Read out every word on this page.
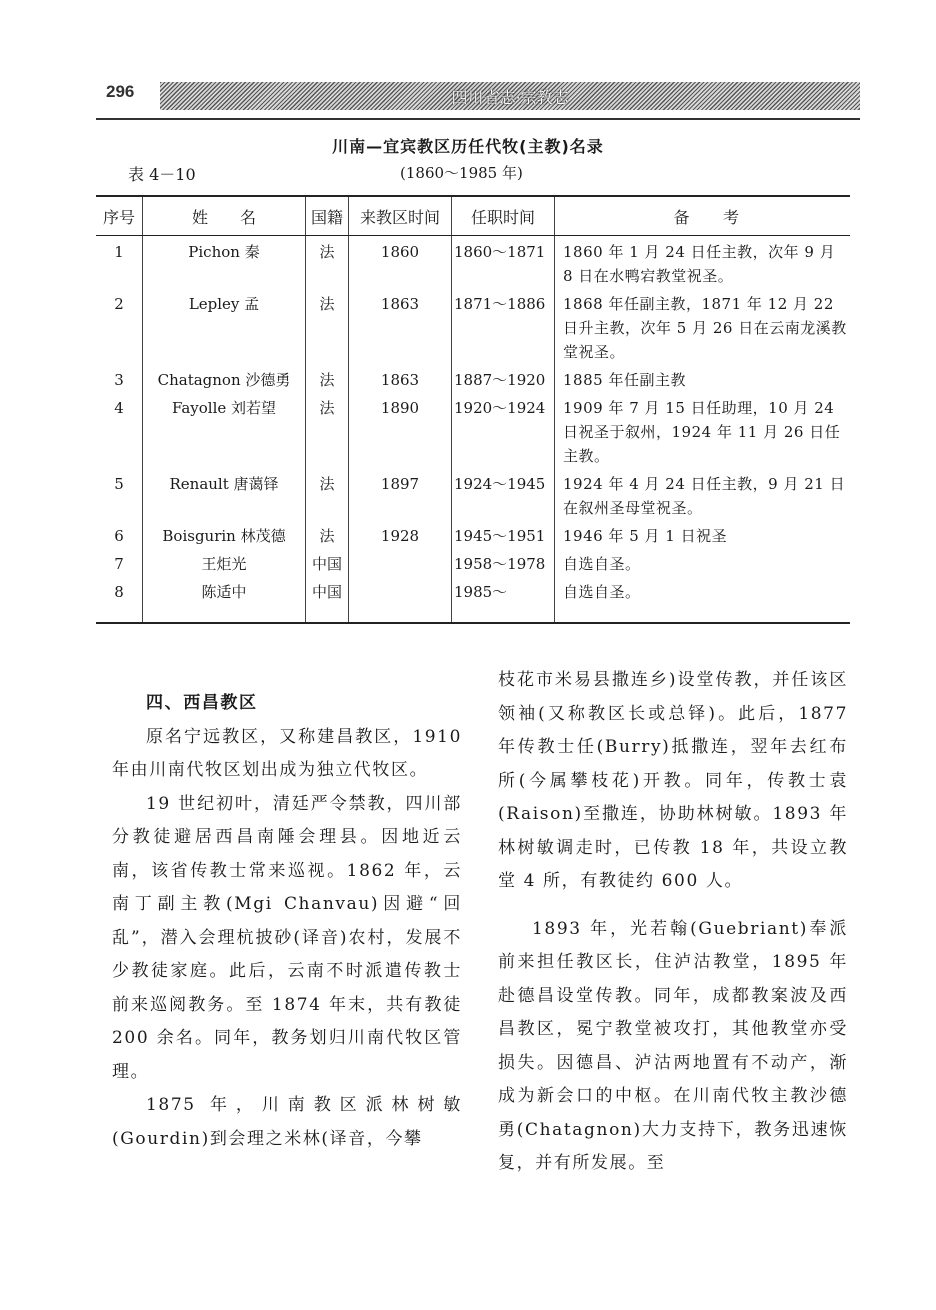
296	四川省志·宗教志
川南—宜宾教区历任代牧(主教)名录
表 4－10	(1860～1985 年)
序号	姓　　名	国籍	来教区时间	任职时间	备　　考
1	Pichon 秦	法	1860	1860～1871	1860 年 1 月 24 日任主教，次年 9 月 8 日在水鸭宕教堂祝圣。
2	Lepley 孟	法	1863	1871～1886	1868 年任副主教，1871 年 12 月 22 日升主教，次年 5 月 26 日在云南龙溪教堂祝圣。
3	Chatagnon 沙德勇	法	1863	1887～1920	1885 年任副主教
4	Fayolle 刘若望	法	1890	1920～1924	1909 年 7 月 15 日任助理，10 月 24 日祝圣于叙州，1924 年 11 月 26 日任主教。
5	Renault 唐蔼铎	法	1897	1924～1945	1924 年 4 月 24 日任主教，9 月 21 日在叙州圣母堂祝圣。
6	Boisgurin 林茂德	法	1928	1945～1951	1946 年 5 月 1 日祝圣
7	王炬光	中国		1958～1978	自选自圣。
8	陈适中	中国		1985～	自选自圣。

四、西昌教区

原名宁远教区，又称建昌教区，1910 年由川南代牧区划出成为独立代牧区。

19 世纪初叶，清廷严令禁教，四川部分教徒避居西昌南陲会理县。因地近云南，该省传教士常来巡视。1862 年，云南丁副主教(Mgi Chanvau)因避“回乱”，潜入会理杭披砂(译音)农村，发展不少教徒家庭。此后，云南不时派遣传教士前来巡阅教务。至 1874 年末，共有教徒 200 余名。同年，教务划归川南代牧区管理。

1875 年，川南教区派林树敏(Gourdin)到会理之米林(译音，今攀

枝花市米易县撒连乡)设堂传教，并任该区领袖(又称教区长或总铎)。此后，1877 年传教士任(Burry)抵撒连，翌年去红布所(今属攀枝花)开教。同年，传教士袁(Raison)至撒连，协助林树敏。1893 年林树敏调走时，已传教 18 年，共设立教堂 4 所，有教徒约 600 人。

1893 年，光若翰(Guebriant)奉派前来担任教区长，住泸沽教堂，1895 年赴德昌设堂传教。同年，成都教案波及西昌教区，冕宁教堂被攻打，其他教堂亦受损失。因德昌、泸沽两地置有不动产，渐成为新会口的中枢。在川南代牧主教沙德勇(Chatagnon)大力支持下，教务迅速恢复，并有所发展。至
